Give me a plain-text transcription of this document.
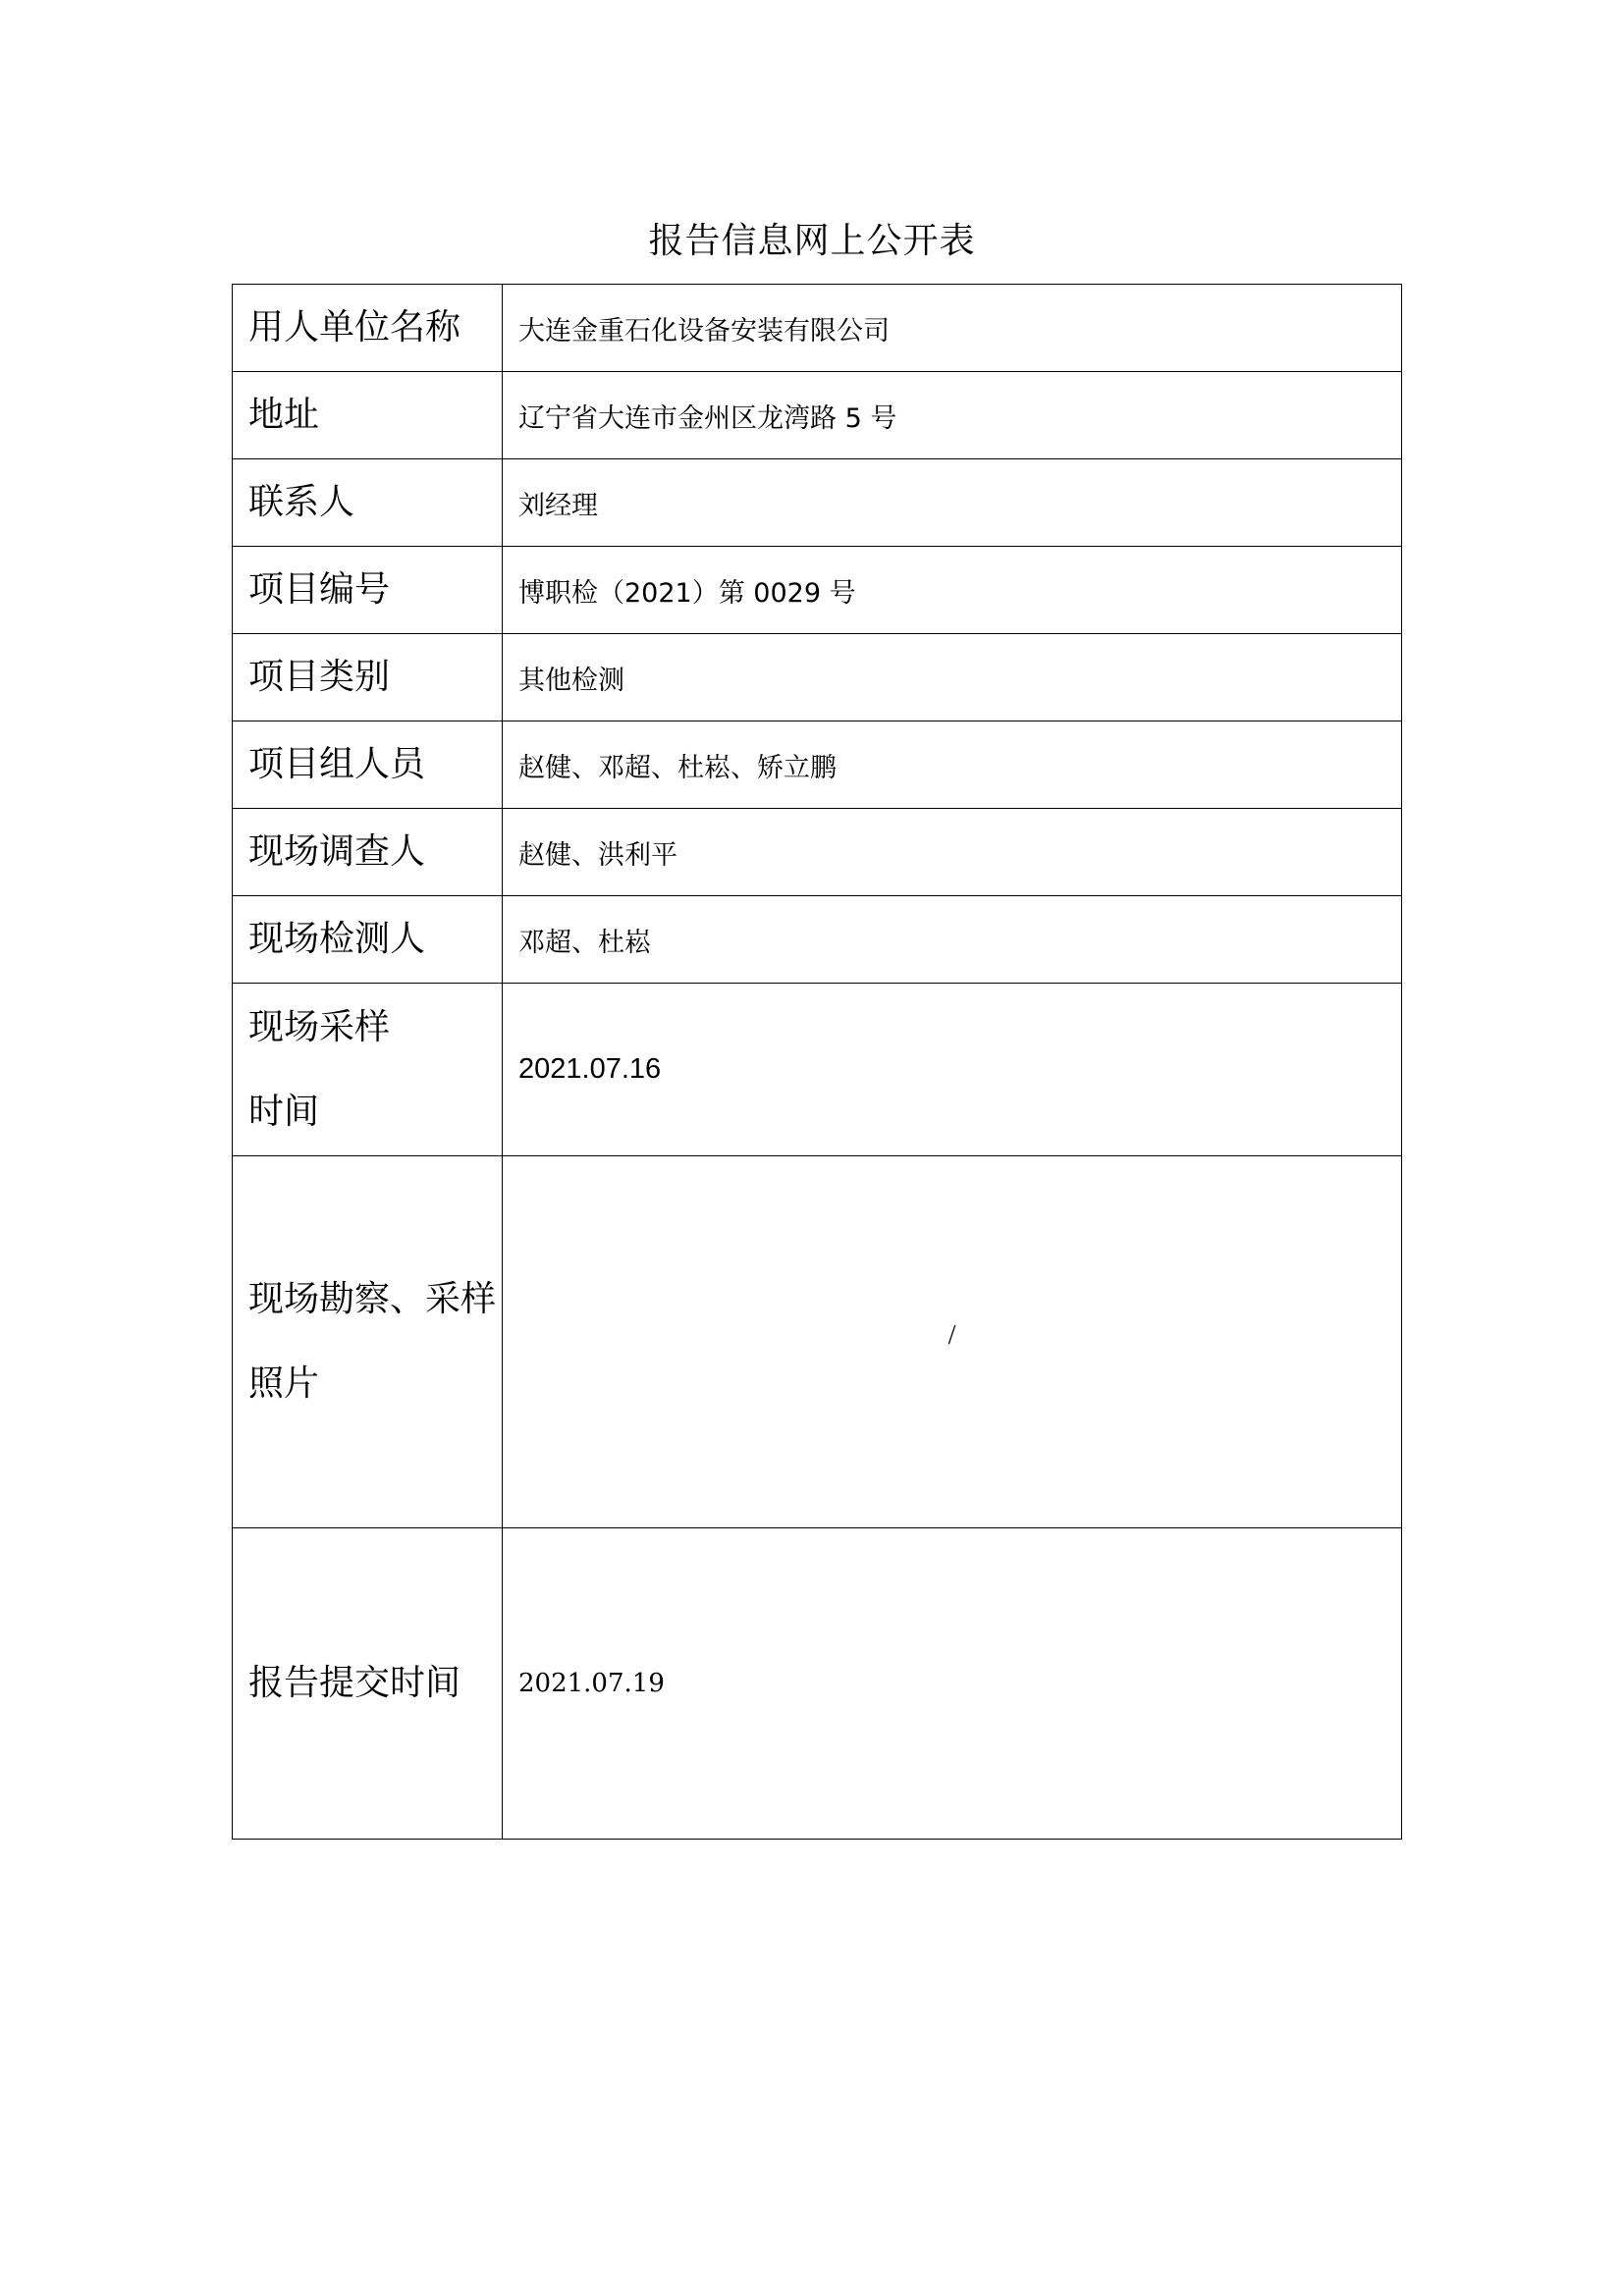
报告信息网上公开表
用人单位名称	大连金重石化设备安装有限公司
地址	辽宁省大连市金州区龙湾路 5 号
联系人	刘经理
项目编号	博职检（2021）第 0029 号
项目类别	其他检测
项目组人员	赵健、邓超、杜崧、矫立鹏
现场调查人	赵健、洪利平
现场检测人	邓超、杜崧
现场采样时间	2021.07.16
现场勘察、采样照片	/
报告提交时间	2021.07.19
